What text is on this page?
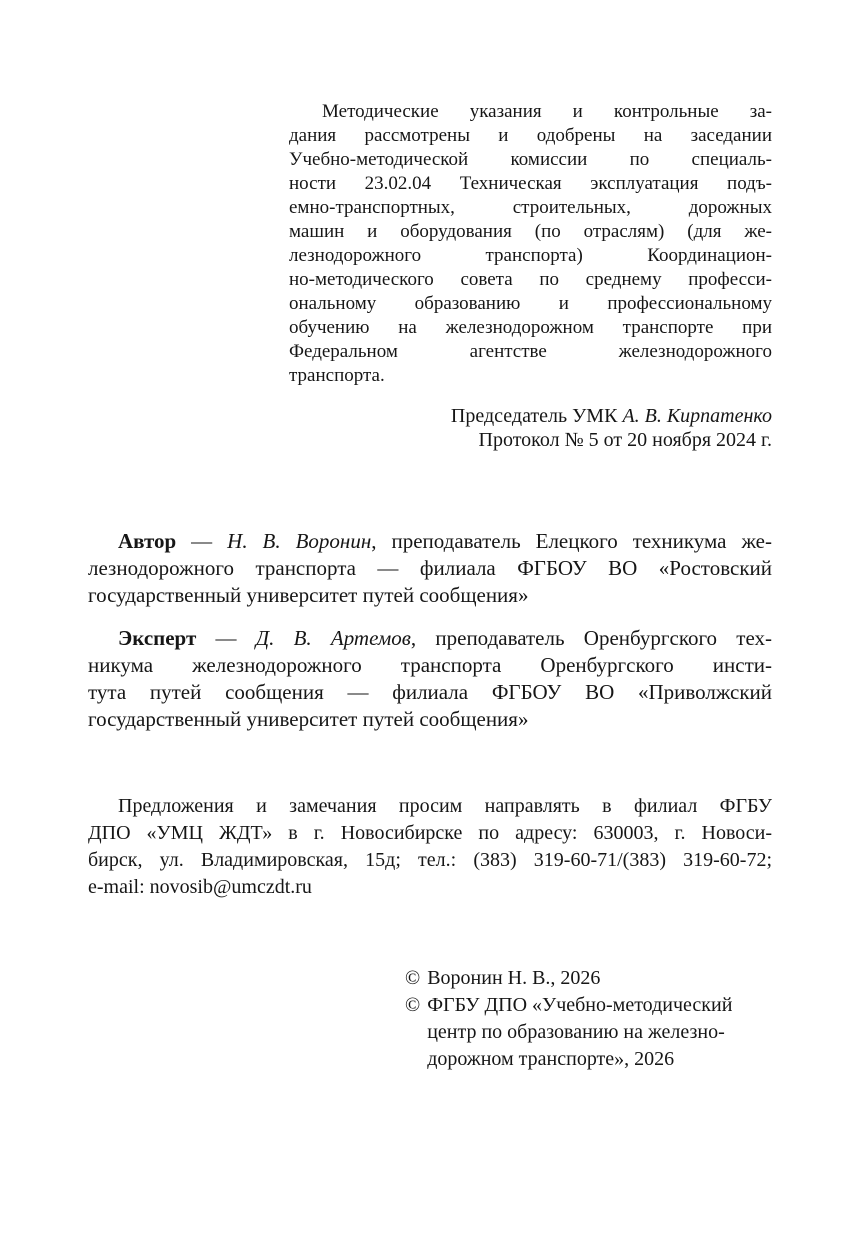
Методические указания и контрольные за-
дания рассмотрены и одобрены на заседании
Учебно-методической комиссии по специаль-
ности 23.02.04 Техническая эксплуатация подъ-
емно-транспортных, строительных, дорожных
машин и оборудования (по отраслям) (для же-
лезнодорожного транспорта) Координацион-
но-методического совета по среднему професси-
ональному образованию и профессиональному
обучению на железнодорожном транспорте при
Федеральном агентстве железнодорожного
транспорта.
Председатель УМК А. В. Кирпатенко
Протокол № 5 от 20 ноября 2024 г.
Автор — Н. В. Воронин, преподаватель Елецкого техникума же-
лезнодорожного транспорта — филиала ФГБОУ ВО «Ростовский
государственный университет путей сообщения»
Эксперт — Д. В. Артемов, преподаватель Оренбургского тех-
никума железнодорожного транспорта Оренбургского инсти-
тута путей сообщения — филиала ФГБОУ ВО «Приволжский
государственный университет путей сообщения»
Предложения и замечания просим направлять в филиал ФГБУ
ДПО «УМЦ ЖДТ» в г. Новосибирске по адресу: 630003, г. Новоси-
бирск, ул. Владимировская, 15д; тел.: (383) 319-60-71/(383) 319-60-72;
e-mail: novosib@umczdt.ru
© Воронин Н. В., 2026
© ФГБУ ДПО «Учебно-методический
центр по образованию на железно-
дорожном транспорте», 2026
